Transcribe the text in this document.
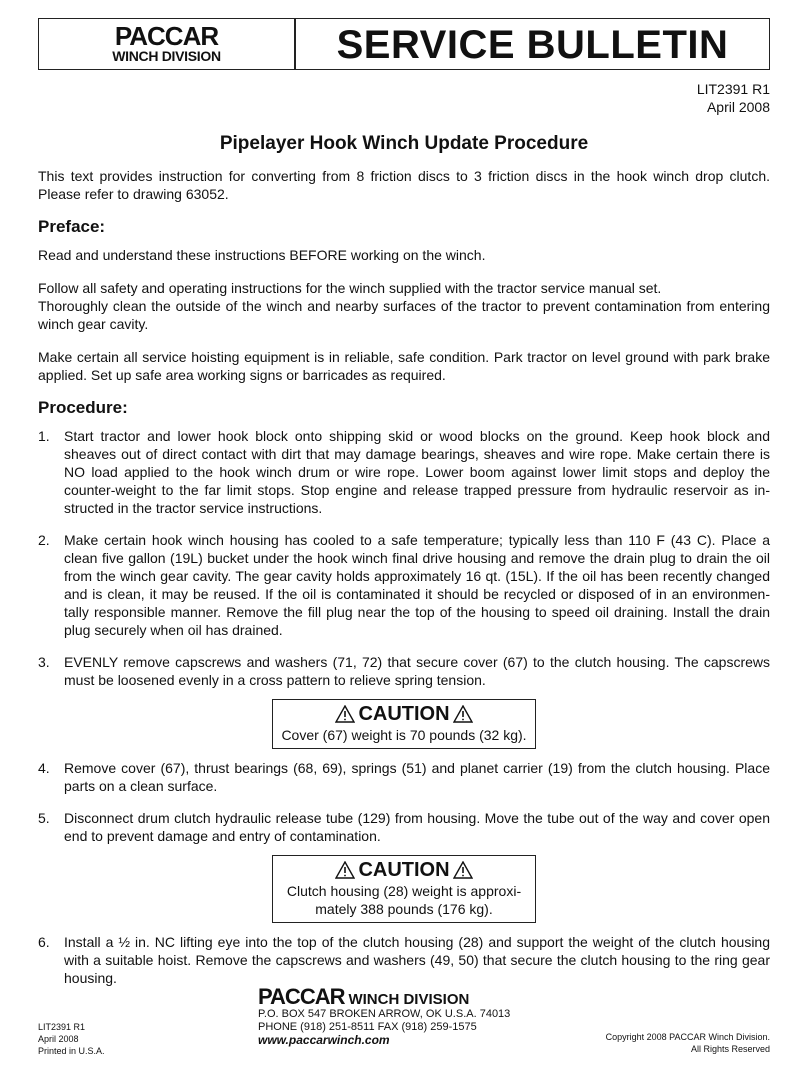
PACCAR
WINCH DIVISION	SERVICE BULLETIN
LIT2391 R1
April 2008
Pipelayer Hook Winch Update Procedure

This text provides instruction for converting from 8 friction discs to 3 friction discs in the hook winch drop clutch. Please refer to drawing 63052.

Preface:

Read and understand these instructions BEFORE working on the winch.

Follow all safety and operating instructions for the winch supplied with the tractor service manual set.

Thoroughly clean the outside of the winch and nearby surfaces of the tractor to prevent contamination from entering winch gear cavity.

Make certain all service hoisting equipment is in reliable, safe condition. Park tractor on level ground with park brake applied. Set up safe area working signs or barricades as required.

Procedure:
1.	Start tractor and lower hook block onto shipping skid or wood blocks on the ground. Keep hook block and sheaves out of direct contact with dirt that may damage bearings, sheaves and wire rope. Make certain there is NO load applied to the hook winch drum or wire rope. Lower boom against lower limit stops and deploy the counter-weight to the far limit stops. Stop engine and release trapped pressure from hydraulic reservoir as in-structed in the tractor service instructions.
2.	Make certain hook winch housing has cooled to a safe temperature; typically less than 110 F (43 C). Place a clean five gallon (19L) bucket under the hook winch final drive housing and remove the drain plug to drain the oil from the winch gear cavity. The gear cavity holds approximately 16 qt. (15L). If the oil has been recently changed and is clean, it may be reused. If the oil is contaminated it should be recycled or disposed of in an environmen-tally responsible manner. Remove the fill plug near the top of the housing to speed oil draining. Install the drain plug securely when oil has drained.
3.	EVENLY remove capscrews and washers (71, 72) that secure cover (67) to the clutch housing. The capscrews must be loosened evenly in a cross pattern to relieve spring tension.
CAUTION
Cover (67) weight is 70 pounds (32 kg).
4.	Remove cover (67), thrust bearings (68, 69), springs (51) and planet carrier (19) from the clutch housing. Place parts on a clean surface.
5.	Disconnect drum clutch hydraulic release tube (129) from housing. Move the tube out of the way and cover open end to prevent damage and entry of contamination.
CAUTION
Clutch housing (28) weight is approxi-mately 388 pounds (176 kg).
6.	Install a ½ in. NC lifting eye into the top of the clutch housing (28) and support the weight of the clutch housing with a suitable hoist. Remove the capscrews and washers (49, 50) that secure the clutch housing to the ring gear housing.
LIT2391 R1
April 2008
Printed in U.S.A.
PACCAR WINCH DIVISION
P.O. BOX 547 BROKEN ARROW, OK U.S.A. 74013
PHONE (918) 251-8511 FAX (918) 259-1575
www.paccarwinch.com	Copyright 2008 PACCAR Winch Division.
All Rights Reserved
